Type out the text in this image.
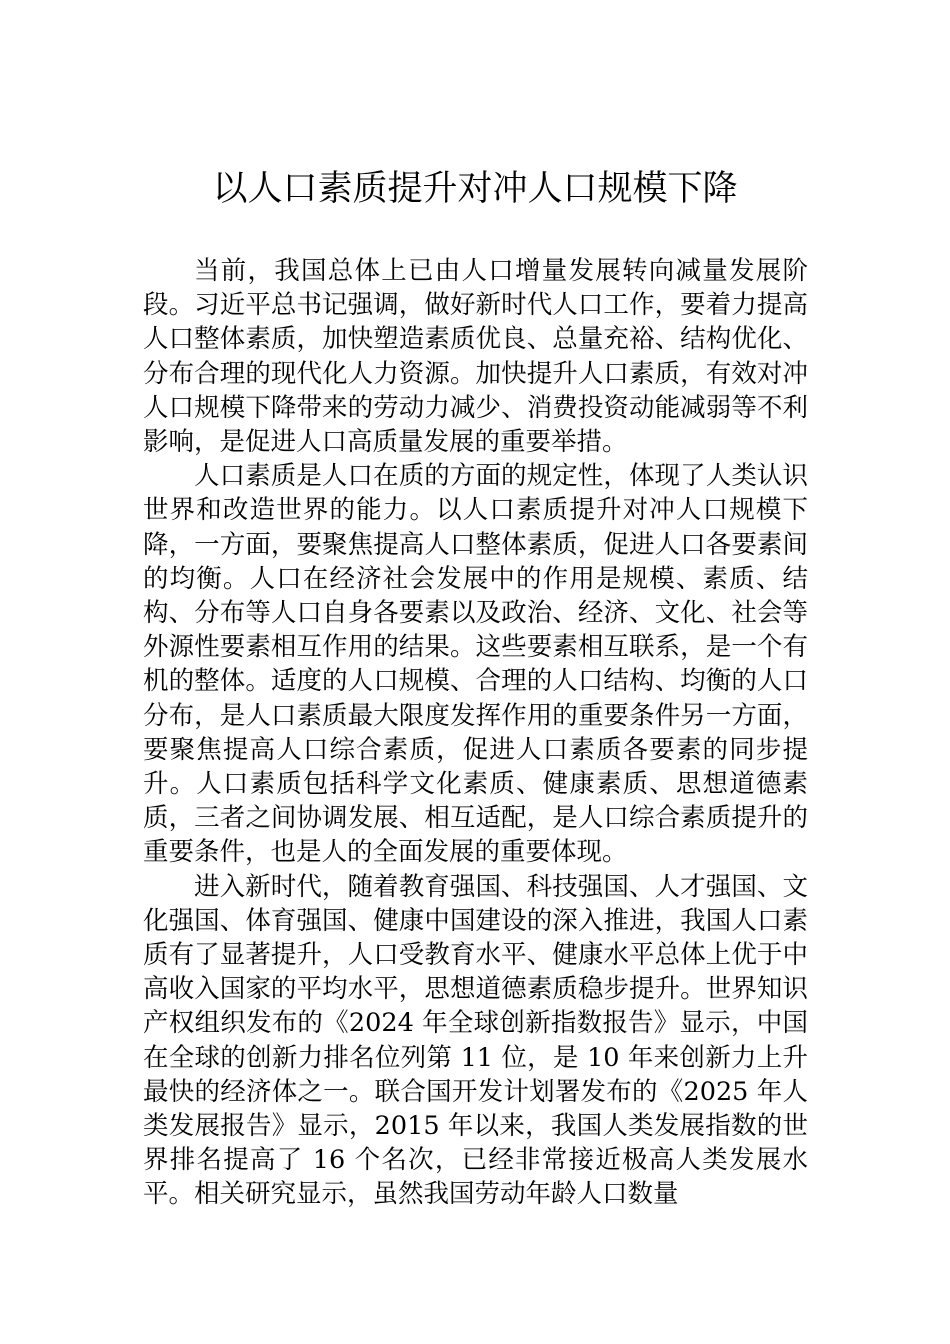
以人口素质提升对冲人口规模下降

当前，我国总体上已由人口增量发展转向减量发展阶段。习近平总书记强调，做好新时代人口工作，要着力提高人口整体素质，加快塑造素质优良、总量充裕、结构优化、分布合理的现代化人力资源。加快提升人口素质，有效对冲人口规模下降带来的劳动力减少、消费投资动能减弱等不利影响，是促进人口高质量发展的重要举措。

人口素质是人口在质的方面的规定性，体现了人类认识世界和改造世界的能力。以人口素质提升对冲人口规模下降，一方面，要聚焦提高人口整体素质，促进人口各要素间的均衡。人口在经济社会发展中的作用是规模、素质、结构、分布等人口自身各要素以及政治、经济、文化、社会等外源性要素相互作用的结果。这些要素相互联系，是一个有机的整体。适度的人口规模、合理的人口结构、均衡的人口分布，是人口素质最大限度发挥作用的重要条件另一方面，要聚焦提高人口综合素质，促进人口素质各要素的同步提升。人口素质包括科学文化素质、健康素质、思想道德素质，三者之间协调发展、相互适配，是人口综合素质提升的重要条件，也是人的全面发展的重要体现。

进入新时代，随着教育强国、科技强国、人才强国、文化强国、体育强国、健康中国建设的深入推进，我国人口素质有了显著提升，人口受教育水平、健康水平总体上优于中高收入国家的平均水平，思想道德素质稳步提升。世界知识产权组织发布的《2024 年全球创新指数报告》显示，中国在全球的创新力排名位列第 11 位，是 10 年来创新力上升最快的经济体之一。联合国开发计划署发布的《2025 年人类发展报告》显示，2015 年以来，我国人类发展指数的世界排名提高了 16 个名次，已经非常接近极高人类发展水平。相关研究显示，虽然我国劳动年龄人口数量
